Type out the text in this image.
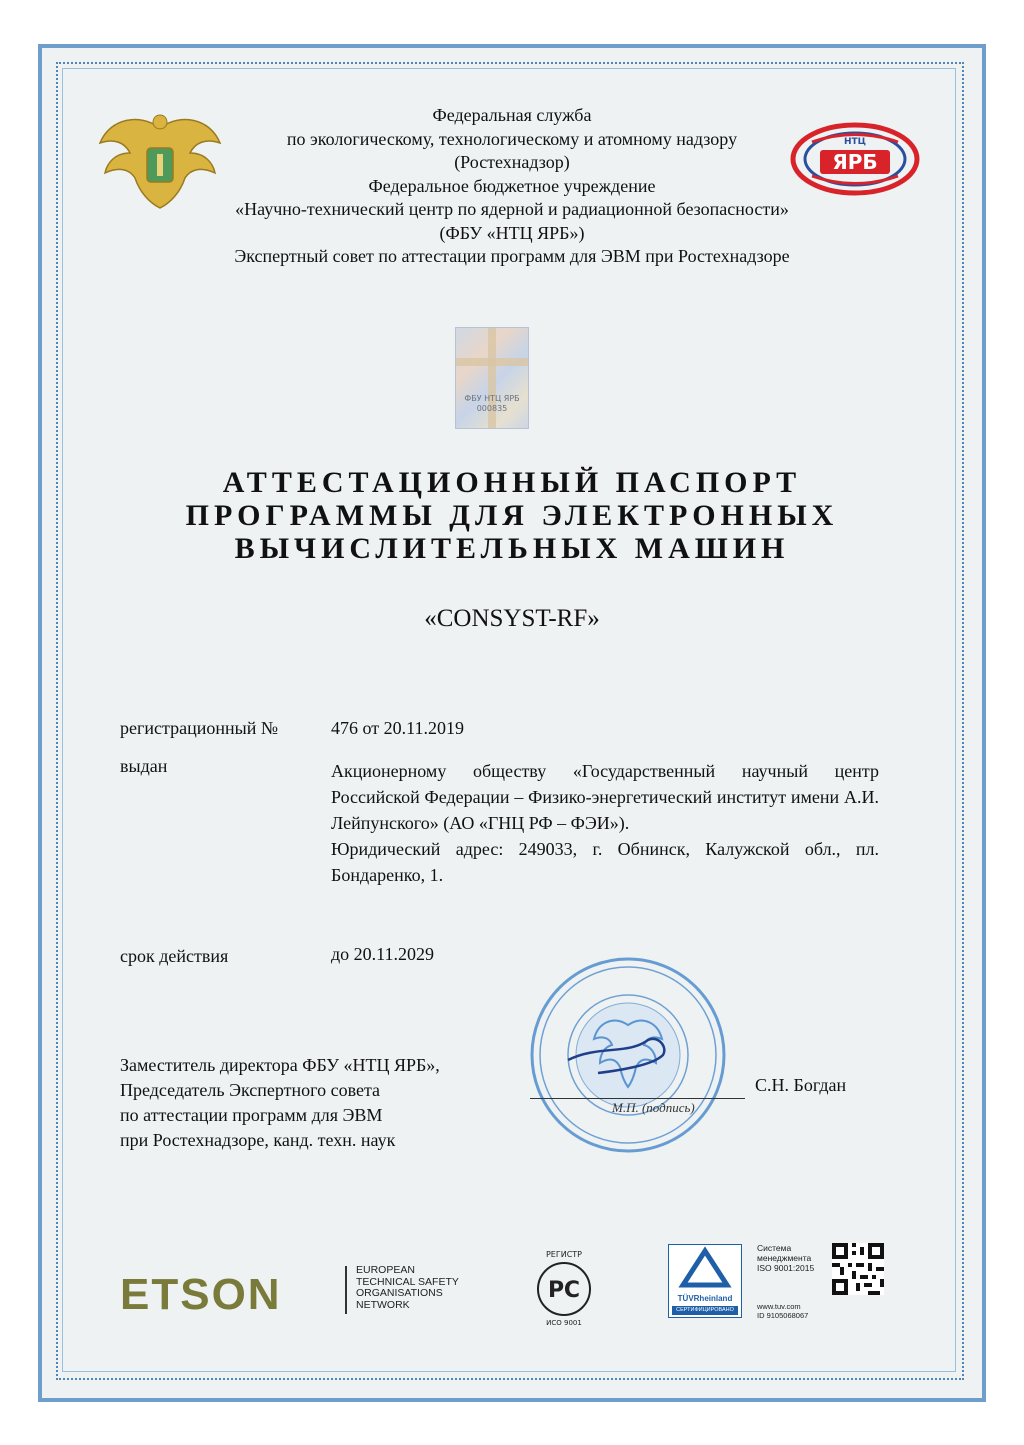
НТЦ
ЯРБ
Федеральная служба
по экологическому, технологическому и атомному надзору
(Ростехнадзор)
Федеральное бюджетное учреждение
«Научно-технический центр по ядерной и радиационной безопасности»
(ФБУ «НТЦ ЯРБ»)
Экспертный совет по аттестации программ для ЭВМ при Ростехнадзоре
ФБУ НТЦ ЯРБ
000835
АТТЕСТАЦИОННЫЙ ПАСПОРТ
ПРОГРАММЫ ДЛЯ ЭЛЕКТРОННЫХ
ВЫЧИСЛИТЕЛЬНЫХ МАШИН
«CONSYST-RF»
регистрационный №	476 от 20.11.2019
выдан	Акционерному обществу «Государственный научный центр Российской Федерации – Физико-энергетический институт имени А.И. Лейпунского» (АО «ГНЦ РФ – ФЭИ»).

Юридический адрес: 249033, г. Обнинск, Калужской обл., пл. Бондаренко, 1.

срок действия	до 20.11.2029
Заместитель директора ФБУ «НТЦ ЯРБ»,
Председатель Экспертного совета
по аттестации программ для ЭВМ
при Ростехнадзоре, канд. техн. наук
М.П. (подпись)
С.Н. Богдан
ETSON	EUROPEAN
TECHNICAL SAFETY
ORGANISATIONS
NETWORK
Р С
РЕГИСТР
ИСО 9001
TÜVRheinland
СЕРТИФИЦИРОВАНО
Система
менеджмента
ISO 9001:2015
www.tuv.com
ID 9105068067
